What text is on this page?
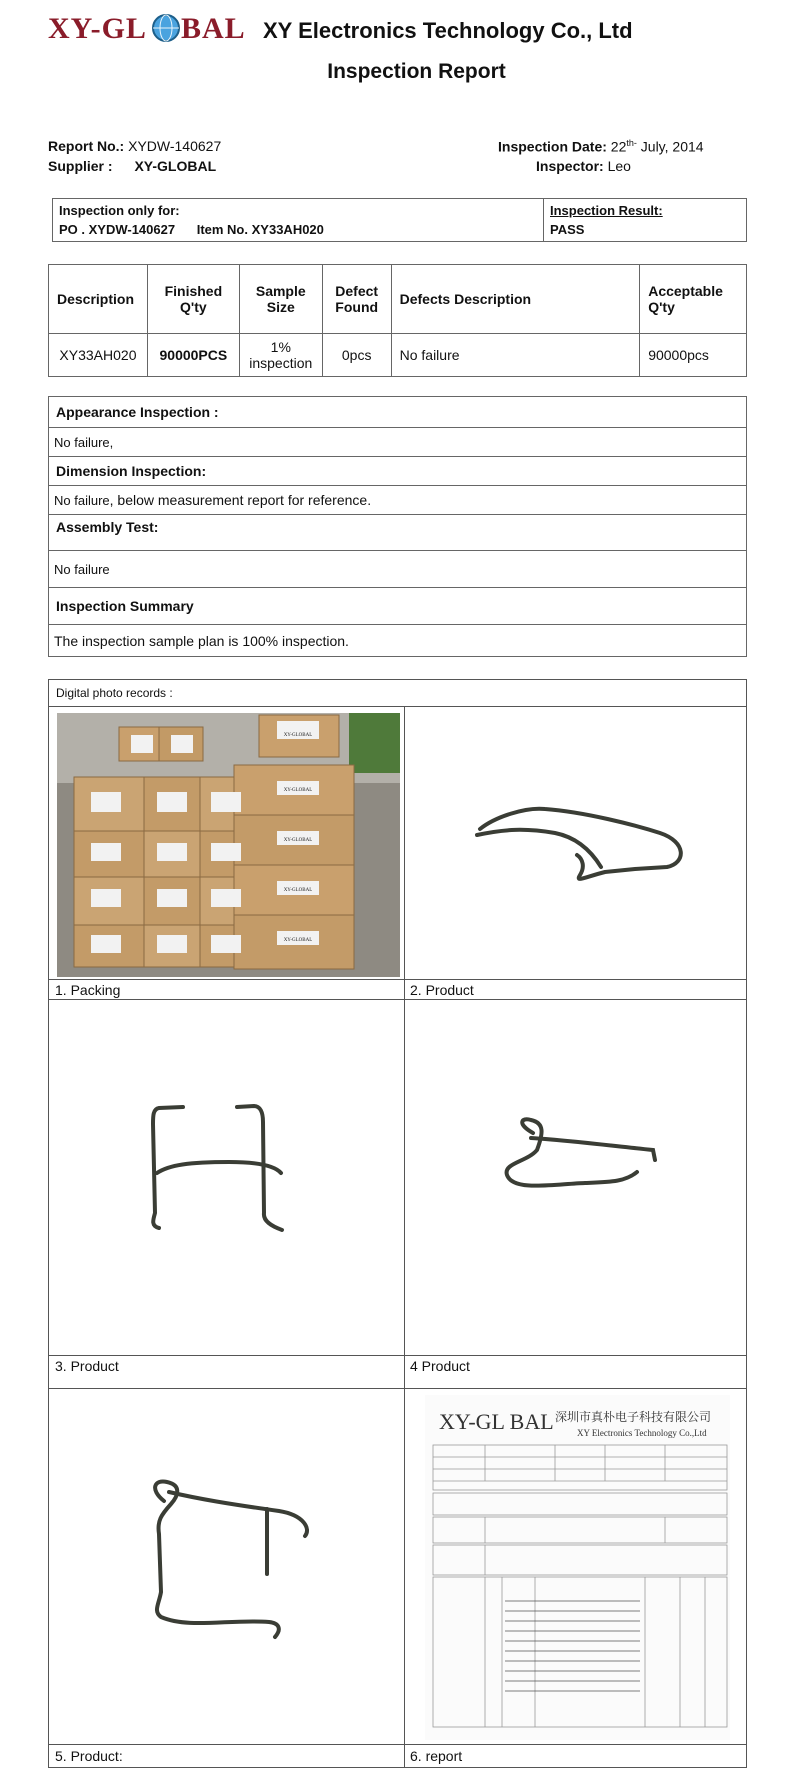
XY-GL BAL XY Electronics Technology Co., Ltd
Inspection Report
Report No.: XYDW-140627
Supplier : XY-GLOBAL
Inspection Date: $22^{th-}$ July, 2014
Inspector: Leo
Inspection only for:
PO . XYDW-140627 Item No. XY33AH020
Inspection Result:
PASS
Description	Finished Q'ty	Sample Size	Defect Found	Defects Description	Acceptable Q'ty
XY33AH020	90000PCS	1% inspection	0pcs	No failure	90000pcs
Appearance Inspection :
No failure,
Dimension Inspection:
No failure , below measurement report for reference.
Assembly Test:
No failure
Inspection Summary
The inspection sample plan is 100% inspection.
Digital photo records :
XY-GLOBAL
XY-GLOBAL
XY-GLOBAL
XY-GLOBAL
XY-GLOBAL
1. Packing	2. Product
3. Product	4 Product
XY-GL BAL 深圳市真朴电子科技有限公司
XY Electronics Technology Co.,Ltd
5. Product:	6. report
